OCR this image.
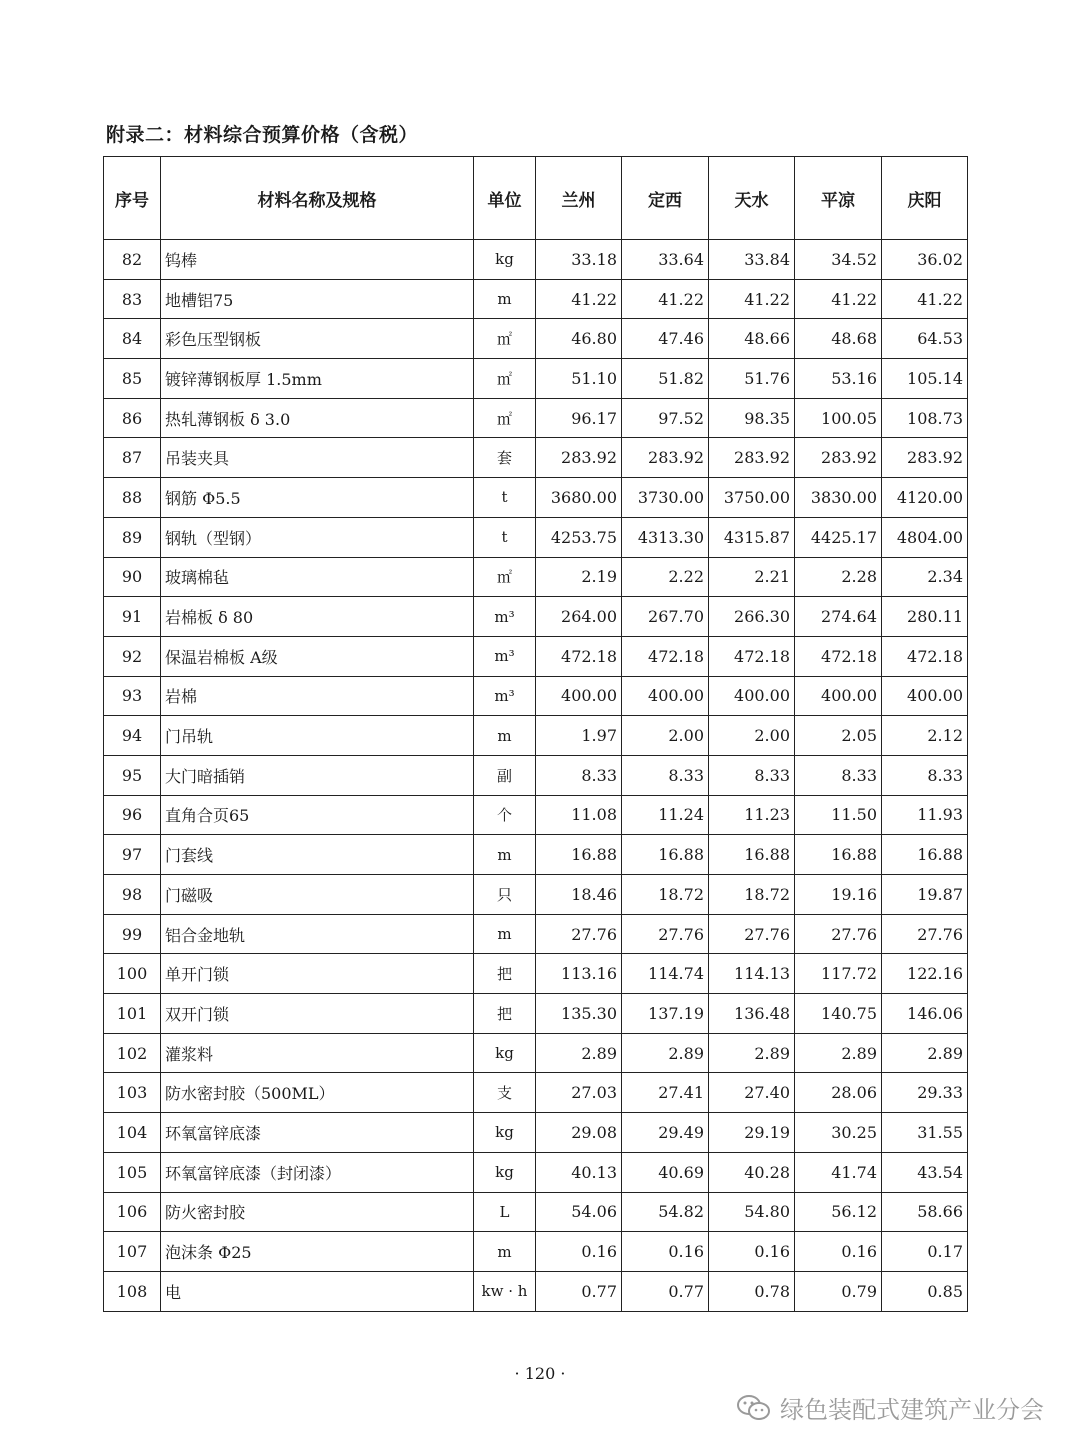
附录二：材料综合预算价格（含税）
序号	材料名称及规格	单位	兰州	定西	天水	平凉	庆阳
82	钨棒	kg	33.18	33.64	33.84	34.52	36.02
83	地槽铝75	m	41.22	41.22	41.22	41.22	41.22
84	彩色压型钢板	㎡	46.80	47.46	48.66	48.68	64.53
85	镀锌薄钢板厚 1.5mm	㎡	51.10	51.82	51.76	53.16	105.14
86	热轧薄钢板 δ 3.0	㎡	96.17	97.52	98.35	100.05	108.73
87	吊装夹具	套	283.92	283.92	283.92	283.92	283.92
88	钢筋 Φ5.5	t	3680.00	3730.00	3750.00	3830.00	4120.00
89	钢轨（型钢）	t	4253.75	4313.30	4315.87	4425.17	4804.00
90	玻璃棉毡	㎡	2.19	2.22	2.21	2.28	2.34
91	岩棉板 δ 80	m³	264.00	267.70	266.30	274.64	280.11
92	保温岩棉板 A级	m³	472.18	472.18	472.18	472.18	472.18
93	岩棉	m³	400.00	400.00	400.00	400.00	400.00
94	门吊轨	m	1.97	2.00	2.00	2.05	2.12
95	大门暗插销	副	8.33	8.33	8.33	8.33	8.33
96	直角合页65	个	11.08	11.24	11.23	11.50	11.93
97	门套线	m	16.88	16.88	16.88	16.88	16.88
98	门磁吸	只	18.46	18.72	18.72	19.16	19.87
99	铝合金地轨	m	27.76	27.76	27.76	27.76	27.76
100	单开门锁	把	113.16	114.74	114.13	117.72	122.16
101	双开门锁	把	135.30	137.19	136.48	140.75	146.06
102	灌浆料	kg	2.89	2.89	2.89	2.89	2.89
103	防水密封胶（500ML）	支	27.03	27.41	27.40	28.06	29.33
104	环氧富锌底漆	kg	29.08	29.49	29.19	30.25	31.55
105	环氧富锌底漆（封闭漆）	kg	40.13	40.69	40.28	41.74	43.54
106	防火密封胶	L	54.06	54.82	54.80	56.12	58.66
107	泡沫条 Φ25	m	0.16	0.16	0.16	0.16	0.17
108	电	kw · h	0.77	0.77	0.78	0.79	0.85
· 120 ·
绿色装配式建筑产业分会
